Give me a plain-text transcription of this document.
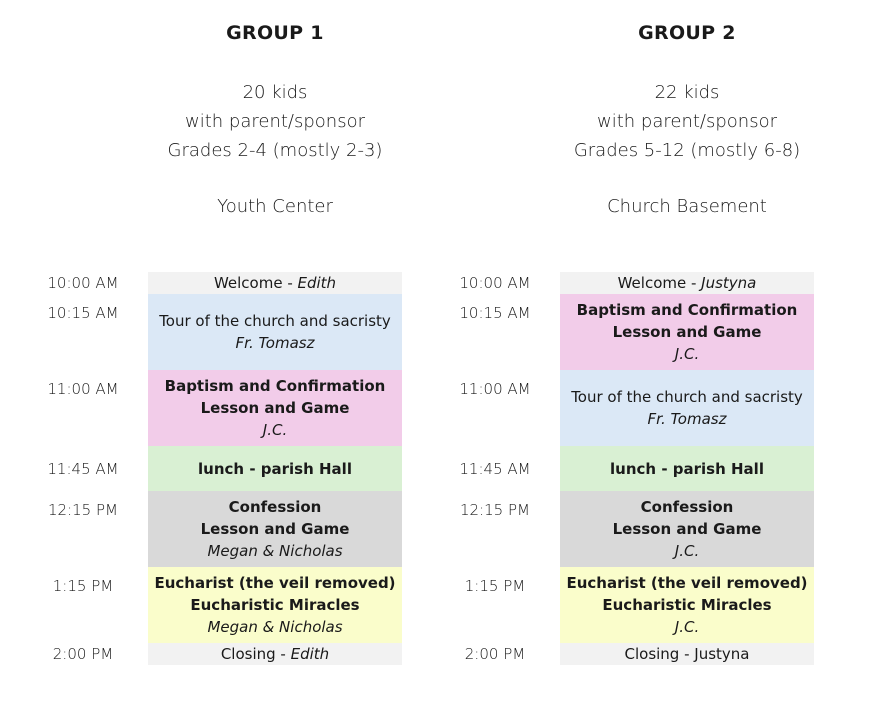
GROUP 1
20 kids
with parent/sponsor
Grades 2-4 (mostly 2-3)
Youth Center
GROUP 2
22 kids
with parent/sponsor
Grades 5-12 (mostly 6-8)
Church Basement
10:00 AM
10:15 AM
11:00 AM
11:45 AM
12:15 PM
1:15 PM
2:00 PM
Welcome - Edith
Tour of the church and sacristy
Fr. Tomasz
Baptism and Confirmation
Lesson and Game
J.C.
lunch - parish Hall
Confession
Lesson and Game
Megan & Nicholas
Eucharist (the veil removed)
Eucharistic Miracles
Megan & Nicholas
Closing - Edith
10:00 AM
10:15 AM
11:00 AM
11:45 AM
12:15 PM
1:15 PM
2:00 PM
Welcome - Justyna
Baptism and Confirmation
Lesson and Game
J.C.
Tour of the church and sacristy
Fr. Tomasz
lunch - parish Hall
Confession
Lesson and Game
J.C.
Eucharist (the veil removed)
Eucharistic Miracles
J.C.
Closing - Justyna
